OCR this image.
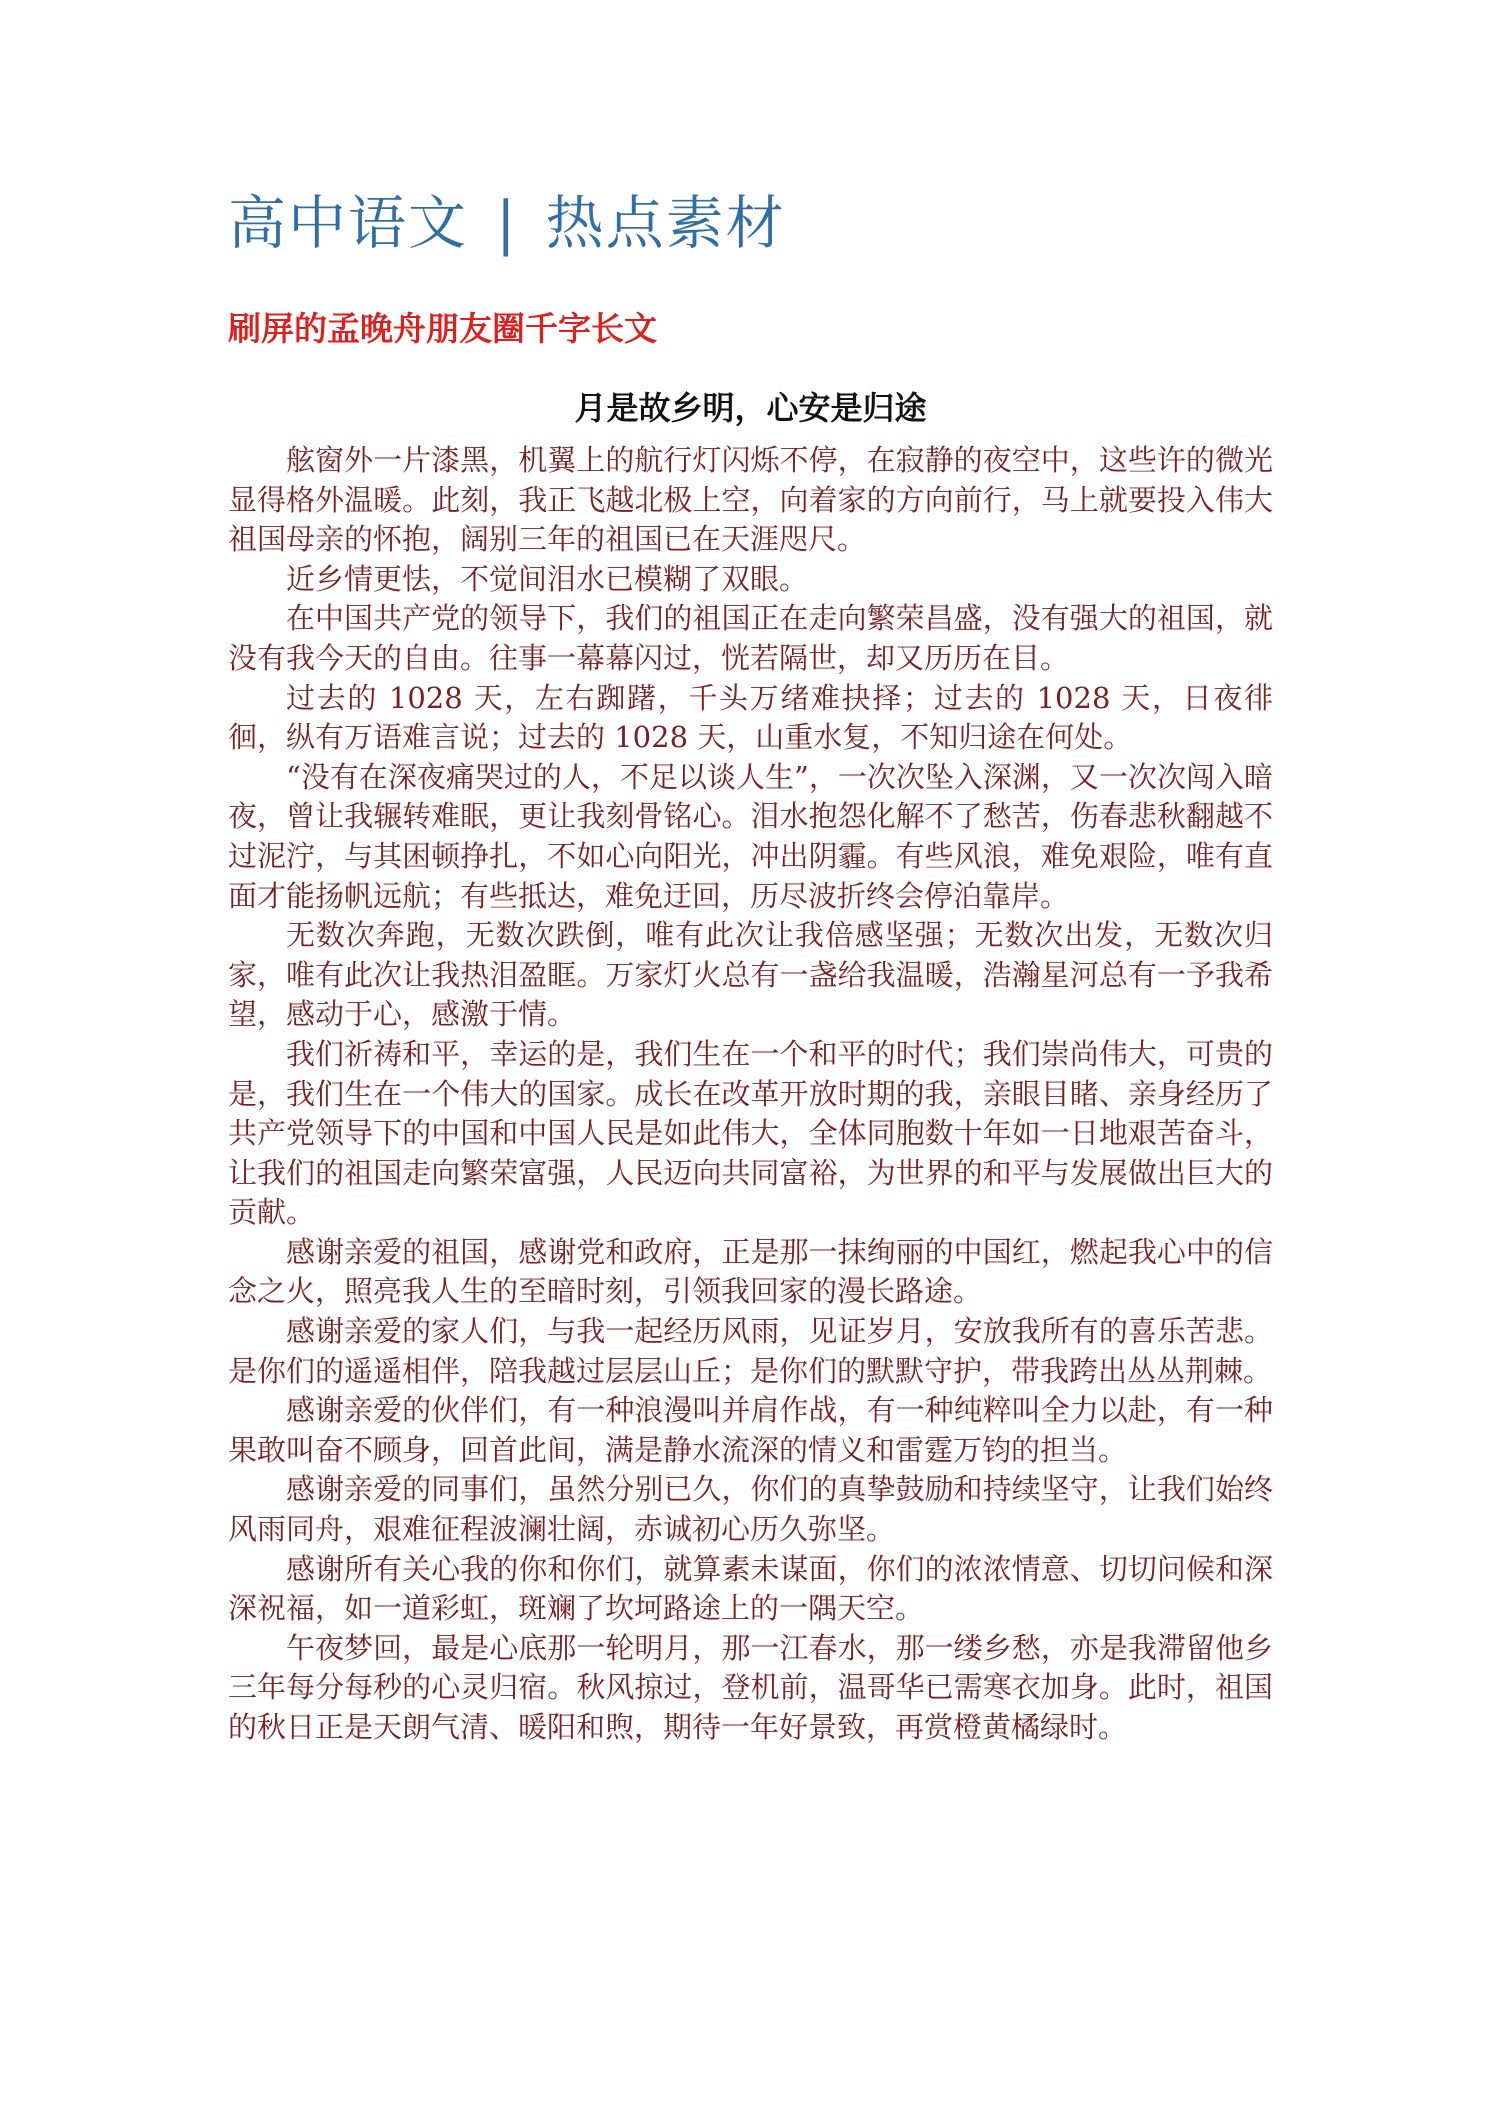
高中语文 | 热点素材
刷屏的孟晚舟朋友圈千字长文
月是故乡明，心安是归途

舷窗外一片漆黑，机翼上的航行灯闪烁不停，在寂静的夜空中，这些许的微光显得格外温暖。此刻，我正飞越北极上空，向着家的方向前行，马上就要投入伟大祖国母亲的怀抱，阔别三年的祖国已在天涯咫尺。

近乡情更怯，不觉间泪水已模糊了双眼。

在中国共产党的领导下，我们的祖国正在走向繁荣昌盛，没有强大的祖国，就没有我今天的自由。往事一幕幕闪过，恍若隔世，却又历历在目。

过去的 1028 天，左右踟躇，千头万绪难抉择；过去的 1028 天，日夜徘徊，纵有万语难言说；过去的 1028 天，山重水复，不知归途在何处。

“没有在深夜痛哭过的人，不足以谈人生”，一次次坠入深渊，又一次次闯入暗夜，曾让我辗转难眠，更让我刻骨铭心。泪水抱怨化解不了愁苦，伤春悲秋翻越不过泥泞，与其困顿挣扎，不如心向阳光，冲出阴霾。有些风浪，难免艰险，唯有直面才能扬帆远航；有些抵达，难免迂回，历尽波折终会停泊靠岸。

无数次奔跑，无数次跌倒，唯有此次让我倍感坚强；无数次出发，无数次归家，唯有此次让我热泪盈眶。万家灯火总有一盏给我温暖，浩瀚星河总有一予我希望，感动于心，感激于情。

我们祈祷和平，幸运的是，我们生在一个和平的时代；我们崇尚伟大，可贵的是，我们生在一个伟大的国家。成长在改革开放时期的我，亲眼目睹、亲身经历了共产党领导下的中国和中国人民是如此伟大，全体同胞数十年如一日地艰苦奋斗，让我们的祖国走向繁荣富强，人民迈向共同富裕，为世界的和平与发展做出巨大的贡献。

感谢亲爱的祖国，感谢党和政府，正是那一抹绚丽的中国红，燃起我心中的信念之火，照亮我人生的至暗时刻，引领我回家的漫长路途。

感谢亲爱的家人们，与我一起经历风雨，见证岁月，安放我所有的喜乐苦悲。是你们的遥遥相伴，陪我越过层层山丘；是你们的默默守护，带我跨出丛丛荆棘。

感谢亲爱的伙伴们，有一种浪漫叫并肩作战，有一种纯粹叫全力以赴，有一种果敢叫奋不顾身，回首此间，满是静水流深的情义和雷霆万钧的担当。

感谢亲爱的同事们，虽然分别已久，你们的真挚鼓励和持续坚守，让我们始终风雨同舟，艰难征程波澜壮阔，赤诚初心历久弥坚。

感谢所有关心我的你和你们，就算素未谋面，你们的浓浓情意、切切问候和深深祝福，如一道彩虹，斑斓了坎坷路途上的一隅天空。

午夜梦回，最是心底那一轮明月，那一江春水，那一缕乡愁，亦是我滞留他乡三年每分每秒的心灵归宿。秋风掠过，登机前，温哥华已需寒衣加身。此时，祖国的秋日正是天朗气清、暖阳和煦，期待一年好景致，再赏橙黄橘绿时。
